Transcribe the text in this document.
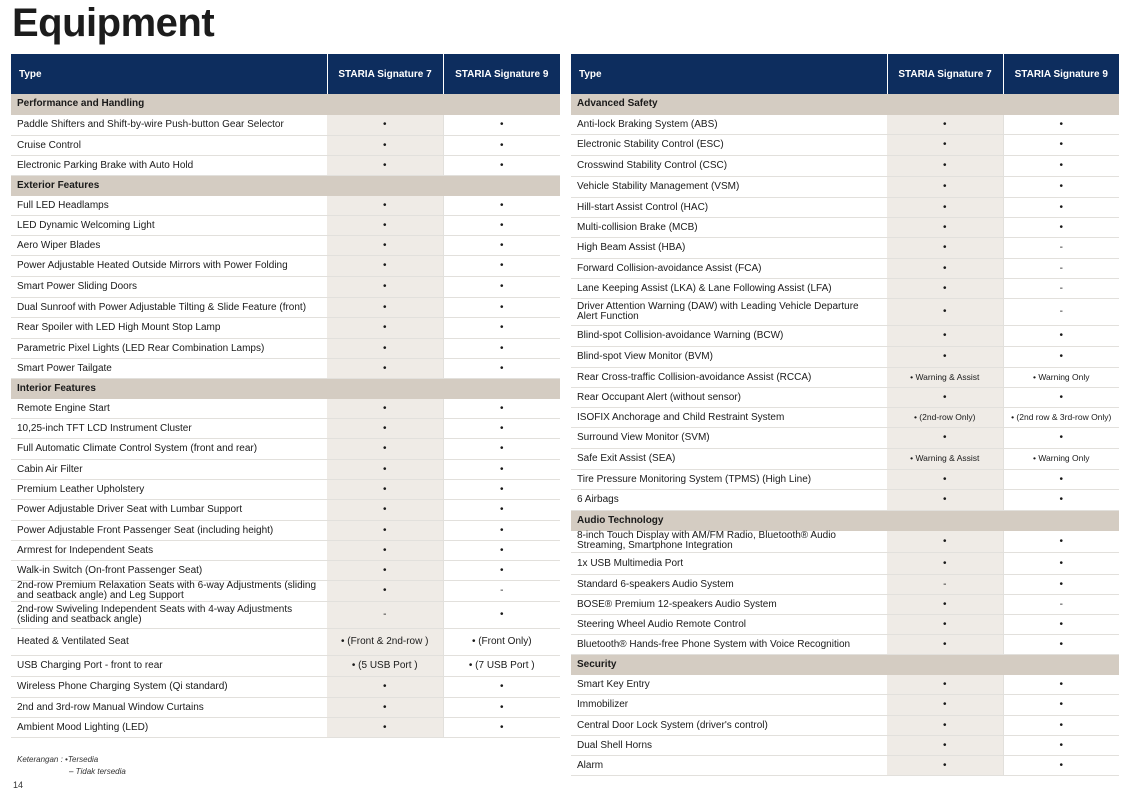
Equipment
Type	STARIA Signature 7	STARIA Signature 9
Performance and Handling		
Paddle Shifters and Shift-by-wire Push-button Gear Selector	•	•
Cruise Control	•	•
Electronic Parking Brake with Auto Hold	•	•
Exterior Features		
Full LED Headlamps	•	•
LED Dynamic Welcoming Light	•	•
Aero Wiper Blades	•	•
Power Adjustable Heated Outside Mirrors with Power Folding	•	•
Smart Power Sliding Doors	•	•
Dual Sunroof with Power Adjustable Tilting & Slide Feature (front)	•	•
Rear Spoiler with LED High Mount Stop Lamp	•	•
Parametric Pixel Lights (LED Rear Combination Lamps)	•	•
Smart Power Tailgate	•	•
Interior Features		
Remote Engine Start	•	•
10,25-inch TFT LCD Instrument Cluster	•	•
Full Automatic Climate Control System (front and rear)	•	•
Cabin Air Filter	•	•
Premium Leather Upholstery	•	•
Power Adjustable Driver Seat with Lumbar Support	•	•
Power Adjustable Front Passenger Seat (including height)	•	•
Armrest for Independent Seats	•	•
Walk-in Switch (On-front Passenger Seat)	•	•
2nd-row Premium Relaxation Seats with 6-way Adjustments (sliding and seatback angle) and Leg Support	•	-
2nd-row Swiveling Independent Seats with 4-way Adjustments (sliding and seatback angle)	-	•
Heated & Ventilated Seat	• (Front & 2nd-row )	• (Front Only)
USB Charging Port - front to rear	• (5 USB Port )	• (7 USB Port )
Wireless Phone Charging System (Qi standard)	•	•
2nd and 3rd-row Manual Window Curtains	•	•
Ambient Mood Lighting (LED)	•	•
Type	STARIA Signature 7	STARIA Signature 9
Advanced Safety		
Anti-lock Braking System (ABS)	•	•
Electronic Stability Control (ESC)	•	•
Crosswind Stability Control (CSC)	•	•
Vehicle Stability Management (VSM)	•	•
Hill-start Assist Control (HAC)	•	•
Multi-collision Brake (MCB)	•	•
High Beam Assist (HBA)	•	-
Forward Collision-avoidance Assist (FCA)	•	-
Lane Keeping Assist (LKA) & Lane Following Assist (LFA)	•	-
Driver Attention Warning (DAW) with Leading Vehicle Departure Alert Function	•	-
Blind-spot Collision-avoidance Warning (BCW)	•	•
Blind-spot View Monitor (BVM)	•	•
Rear Cross-traffic Collision-avoidance Assist (RCCA)	• Warning & Assist	• Warning Only
Rear Occupant Alert (without sensor)	•	•
ISOFIX Anchorage and Child Restraint System	• (2nd-row Only)	• (2nd row & 3rd-row Only)
Surround View Monitor (SVM)	•	•
Safe Exit Assist (SEA)	• Warning & Assist	• Warning Only
Tire Pressure Monitoring System (TPMS) (High Line)	•	•
6 Airbags	•	•
Audio Technology		
8-inch Touch Display with AM/FM Radio, Bluetooth® Audio Streaming, Smartphone Integration	•	•
1x USB Multimedia Port	•	•
Standard 6-speakers Audio System	-	•
BOSE® Premium 12-speakers Audio System	•	-
Steering Wheel Audio Remote Control	•	•
Bluetooth® Hands-free Phone System with Voice Recognition	•	•
Security		
Smart Key Entry	•	•
Immobilizer	•	•
Central Door Lock System (driver's control)	•	•
Dual Shell Horns	•	•
Alarm	•	•
Keterangan : •Tersedia
– Tidak tersedia
14
